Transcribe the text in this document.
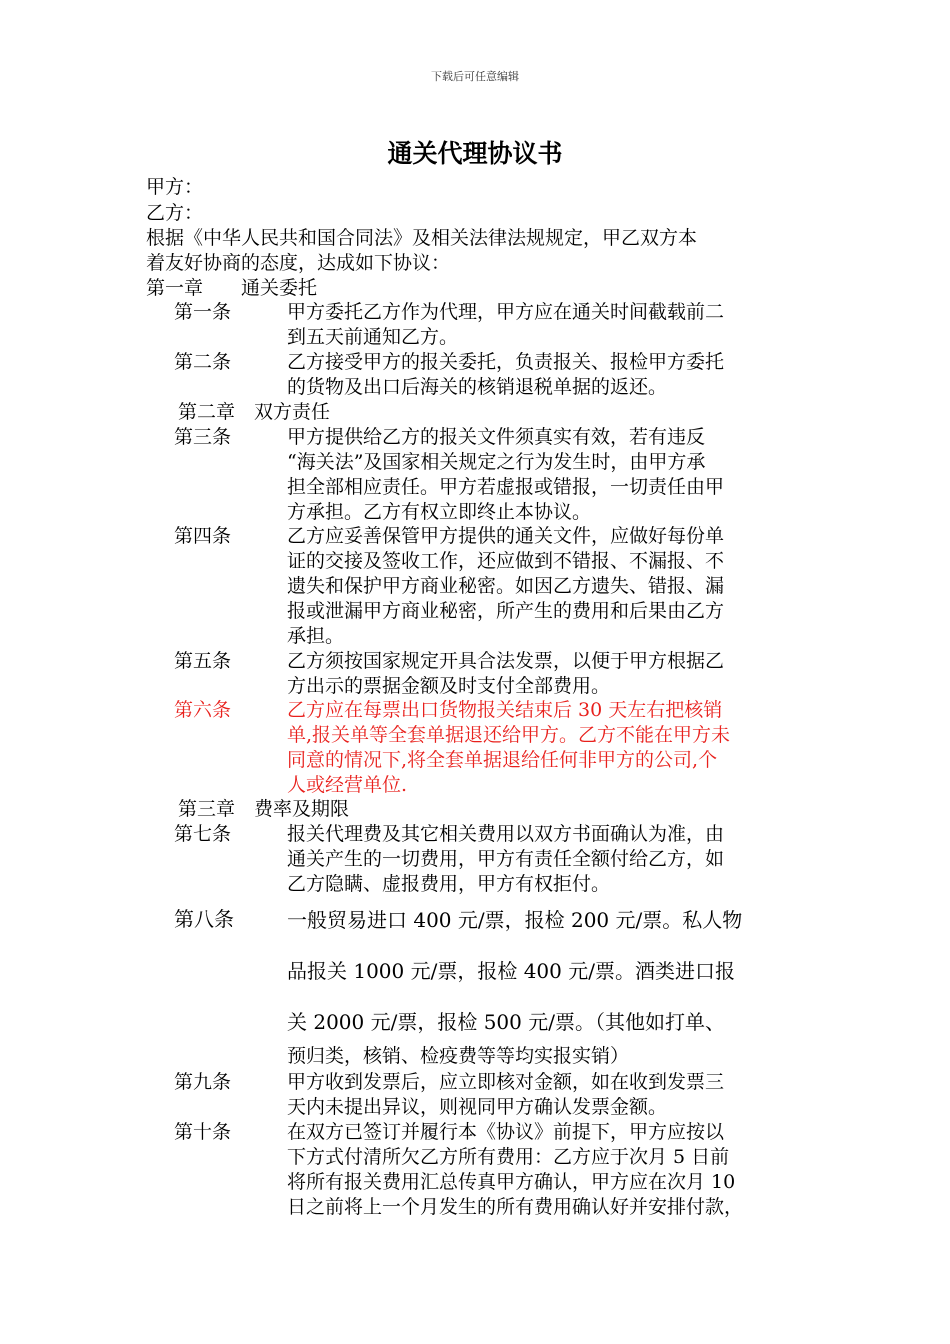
下载后可任意编辑
通关代理协议书
甲方：
乙方：
根据《中华人民共和国合同法》及相关法律法规规定，甲乙双方本
着友好协商的态度，达成如下协议：
第一章　　通关委托
第一条	甲方委托乙方作为代理，甲方应在通关时间截载前二
到五天前通知乙方。
第二条	乙方接受甲方的报关委托，负责报关、报检甲方委托
的货物及出口后海关的核销退税单据的返还。
第二章　双方责任
第三条	甲方提供给乙方的报关文件须真实有效，若有违反
“海关法”及国家相关规定之行为发生时，由甲方承
担全部相应责任。甲方若虚报或错报，一切责任由甲
方承担。乙方有权立即终止本协议。
第四条	乙方应妥善保管甲方提供的通关文件，应做好每份单
证的交接及签收工作，还应做到不错报、不漏报、不
遗失和保护甲方商业秘密。如因乙方遗失、错报、漏
报或泄漏甲方商业秘密，所产生的费用和后果由乙方
承担。
第五条	乙方须按国家规定开具合法发票，以便于甲方根据乙
方出示的票据金额及时支付全部费用。
第六条	乙方应在每票出口货物报关结束后 30 天左右把核销
单,报关单等全套单据退还给甲方。乙方不能在甲方未
同意的情况下,将全套单据退给任何非甲方的公司,个
人或经营单位.
第三章　费率及期限
第七条	报关代理费及其它相关费用以双方书面确认为准，由
通关产生的一切费用，甲方有责任全额付给乙方，如
乙方隐瞒、虚报费用，甲方有权拒付。
第八条	一般贸易进口 400 元/票，报检 200 元/票。私人物
品报关 1000 元/票，报检 400 元/票。酒类进口报
关 2000 元/票，报检 500 元/票。（其他如打单、
预归类，核销、检疫费等等均实报实销）
第九条	甲方收到发票后，应立即核对金额，如在收到发票三
天内未提出异议，则视同甲方确认发票金额。
第十条	在双方已签订并履行本《协议》前提下，甲方应按以
下方式付清所欠乙方所有费用：乙方应于次月 5 日前
将所有报关费用汇总传真甲方确认，甲方应在次月 10
日之前将上一个月发生的所有费用确认好并安排付款，
